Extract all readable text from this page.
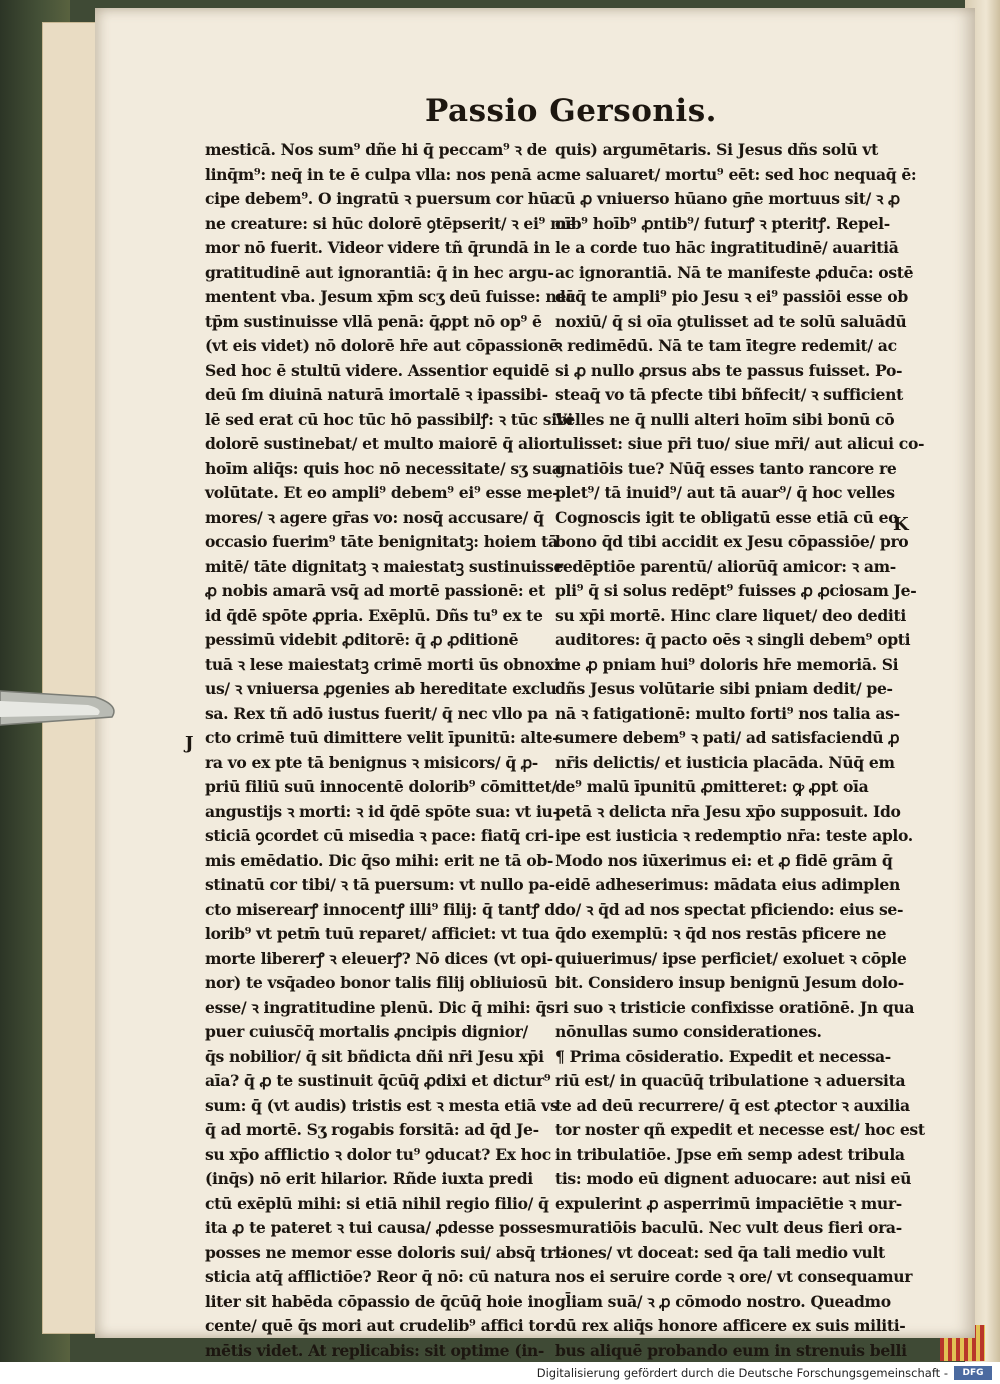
Passio Gersonis.
mesticā. Nos sum⁹ dñe hi q̄ peccam⁹ ꝛ de
linq̄m⁹: neq̄ in te ē culpa vlla: nos penā ac
cipe debem⁹. O ingratū ꝛ puersum cor hūa
ne creature: si hūc dolorē ꝯtēpserit/ ꝛ ei⁹ me
mor nō fuerit. Videor videre tñ q̄rundā in
gratitudinē aut ignorantiā: q̄ in hec argu-
mentent vba. Jesum xp̄m scʒ deū fuisse: nec
tp̄m sustinuisse vllā penā: q̄ꝓpt nō op⁹ ē
(vt eis videt) nō dolorē hr̄e aut cōpassionē
Sed hoc ē stultū videre. Assentior equidē
deū ſm diuinā naturā imortalē ꝛ ipassibi-
lē sed erat cū hoc tūc hō passibilꝭ: ꝛ tūc sibi
dolorē sustinebat/ et multo maiorē q̄ alior
hoīm aliq̄s: quis hoc nō necessitate/ sʒ sua
volūtate. Et eo ampli⁹ debem⁹ ei⁹ esse me-
mores/ ꝛ agere gr̄as vo: nosq̄ accusare/ q̄
occasio fuerim⁹ tāte benignitatꝫ: hoiem tā
mitē/ tāte dignitatꝫ ꝛ maiestatꝫ sustinuisse
ꝓ nobis amarā vsq̄ ad mortē passionē: et
id q̄dē spōte ꝓpria. Exēplū. Dñs tu⁹ ex te
pessimū videbit ꝓditorē: q̄ ꝓ ꝓditionē
tuā ꝛ lese maiestatꝫ crimē morti ūs obnoxi
us/ ꝛ vniuersa ꝓgenies ab hereditate exclu
sa. Rex tñ adō iustus fuerit/ q̄ nec vllo pa
cto crimē tuū dimittere velit īpunitū: alte-
ra vo ex pte tā benignus ꝛ misicors/ q̄ ꝓ-
priū filiū suū innocentē dolorib⁹ cōmittet/
angustijs ꝛ morti: ꝛ id q̄dē spōte sua: vt iu-
sticiā ꝯcordet cū misedia ꝛ pace: fiatq̄ cri-
mis emēdatio. Dic q̄so mihi: erit ne tā ob-
stinatū cor tibi/ ꝛ tā puersum: vt nullo pa-
cto miserearꝭ innocentꝭ illi⁹ filij: q̄ tantꝭ do
lorib⁹ vt petm̄ tuū reparet/ afficiet: vt tua
morte libererꝭ ꝛ eleuerꝭ? Nō dices (vt opi-
nor) te vsq̄adeo bonor talis filij obliuiosū
esse/ ꝛ ingratitudine plenū. Dic q̄ mihi: q̄s
puer cuiusc̄q̄ mortalis ꝓncipis dignior/
q̄s nobilior/ q̄ sit bñdicta dñi nr̄i Jesu xp̄i
aīa? q̄ ꝓ te sustinuit q̄cūq̄ ꝓdixi et dictur⁹
sum: q̄ (vt audis) tristis est ꝛ mesta etiā vs
q̄ ad mortē. Sʒ rogabis forsitā: ad q̄d Je-
su xp̄o afflictio ꝛ dolor tu⁹ ꝯducat? Ex hoc
(inq̄s) nō erit hilarior. Rñde iuxta predi
ctū exēplū mihi: si etiā nihil regio filio/ q̄
ita ꝓ te pateret ꝛ tui causa/ ꝓdesse posses:
posses ne memor esse doloris sui/ absq̄ tri-
sticia atq̄ afflictiōe? Reor q̄ nō: cū natura
liter sit habēda cōpassio de q̄cūq̄ hoie ino
cente/ quē q̄s mori aut crudelib⁹ affici tor-
mētis videt. At replicabis: sit optime (in-
quis) argumētaris. Si Jesus dñs solū vt
me saluaret/ mortu⁹ eēt: sed hoc nequaq̄ ē:
cū ꝓ vniuerso hūano gn̄e mortuus sit/ ꝛ ꝓ
oīb⁹ hoīb⁹ ꝓntib⁹/ futurꝭ ꝛ pteritꝭ. Repel-
le a corde tuo hāc ingratitudinē/ auaritiā
ac ignorantiā. Nā te manifeste ꝓduc̄a: ostē
dāq̄ te ampli⁹ pio Jesu ꝛ ei⁹ passiōi esse ob
noxiū/ q̄ si oīa ꝯtulisset ad te solū saluādū
ꝛ redimēdū. Nā te tam ītegre redemit/ ac
si ꝓ nullo ꝓrsus abs te passus fuisset. Po-
steaq̄ vo tā pfecte tibi bñfecit/ ꝛ sufficient
Velles ne q̄ nulli alteri hoīm sibi bonū cō
tulisset: siue pr̄i tuo/ siue mr̄i/ aut alicui co-
gnatiōis tue? Nūq̄ esses tanto rancore re
plet⁹/ tā inuid⁹/ aut tā auar⁹/ q̄ hoc velles
Cognoscis igit te obligatū esse etiā cū eo
bono q̄d tibi accidit ex Jesu cōpassiōe/ pro
redēptiōe parentū/ aliorūq̄ amicor: ꝛ am-
pli⁹ q̄ si solus redēpt⁹ fuisses ꝓ ꝓciosam Je-
su xp̄i mortē. Hinc clare liquet/ deo dediti
auditores: q̄ pacto oēs ꝛ singli debem⁹ opti
me ꝓ pniam hui⁹ doloris hr̄e memoriā. Si
dñs Jesus volūtarie sibi pniam dedit/ pe-
nā ꝛ fatigationē: multo forti⁹ nos talia as-
sumere debem⁹ ꝛ pati/ ad satisfaciendū ꝓ
nr̄is delictis/ et iusticia placāda. Nūq̄ em
de⁹ malū īpunitū ꝓmitteret: ꝙ ꝓpt oīa
petā ꝛ delicta nr̄a Jesu xp̄o supposuit. Ido
ipe est iusticia ꝛ redemptio nr̄a: teste aplo.
Modo nos iūxerimus ei: et ꝓ fidē grām q̄
eidē adheserimus: mādata eius adimplen
do/ ꝛ q̄d ad nos spectat pficiendo: eius se-
q̄do exemplū: ꝛ q̄d nos restās pficere ne
quiuerimus/ ipse perficiet/ exoluet ꝛ cōple
bit. Considero insup benignū Jesum dolo-
ri suo ꝛ tristicie confixisse oratiōnē. Jn qua
nōnullas sumo considerationes.
¶ Prima cōsideratio. Expedit et necessa-
riū est/ in quacūq̄ tribulatione ꝛ aduersita
te ad deū recurrere/ q̄ est ꝓtector ꝛ auxilia
tor noster qñ expedit et necesse est/ hoc est
in tribulatiōe. Jpse em̄ semp adest tribula
tis: modo eū dignent aduocare: aut nisi eū
expulerint ꝓ asperrimū impaciētie ꝛ mur-
muratiōis baculū. Nec vult deus fieri ora-
tiones/ vt doceat: sed q̄a tali medio vult
nos ei seruire corde ꝛ ore/ vt consequamur
gl̄iam suā/ ꝛ ꝓ cōmodo nostro. Queadmo
dū rex aliq̄s honore afficere ex suis militi-
bus aliquē probando eum in strenuis belli
K
J
Digitalisierung gefördert durch die Deutsche Forschungsgemeinschaft -	DFG
